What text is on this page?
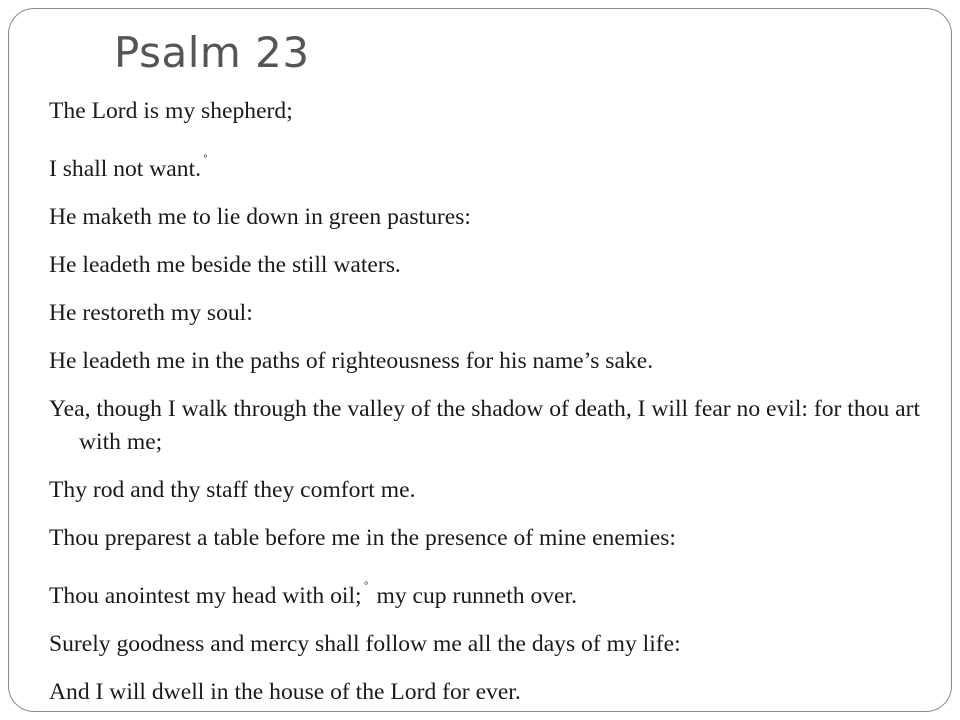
Psalm 23
The Lord is my shepherd;
I shall not want. °
He maketh me to lie down in green pastures:
He leadeth me beside the still waters.
He restoreth my soul:
He leadeth me in the paths of righteousness for his name’s sake.
Yea, though I walk through the valley of the shadow of death, I will fear no evil: for thou art with me;
Thy rod and thy staff they comfort me.
Thou preparest a table before me in the presence of mine enemies:
Thou anointest my head with oil; ° my cup runneth over.
Surely goodness and mercy shall follow me all the days of my life:
And I will dwell in the house of the Lord for ever.
